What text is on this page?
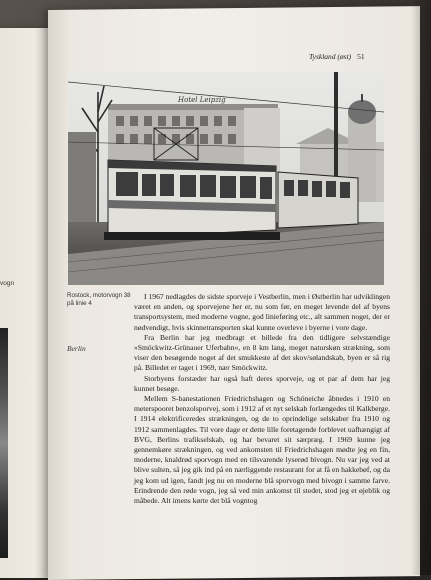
vogn
Tyskland (øst) 51
Hotel Leipzig
Rostock, motorvogn 38 på linie 4
Berlin

I 1967 nedlagdes de sidste sporveje i Vestberlin, men i Østberlin har udviklingen været en anden, og sporvejene her er, nu som før, en meget levende del af byens transportsystem, med moderne vogne, god linieføring etc., alt sammen noget, der er nødvendigt, hvis skinnetransporten skal kunne overleve i byerne i vore dage.

Fra Berlin har jeg medbragt et billede fra den tidligere selvstændige »Smöckwitz-Grünauer Uferbahn«, en 8 km lang, meget naturskøn strækning, som viser den besøgende noget af det smukkeste af det skov/sølandskab, byen er så rig på. Billedet er taget i 1969, nær Smöckwitz.

Storbyens forstæder har også haft deres sporveje, og et par af dem har jeg kunnet besøge.

Mellem S-banestationen Friedrichshagen og Schöneiche åbnedes i 1910 en meterspooret benzolsporvej, som i 1912 af et nyt selskab forlængedes til Kalkberge. I 1914 elektrificeredes strækningen, og de to oprindelige selskaber fra 1910 og 1912 sammenlagdes. Til vore dage er dette lille foretagende forblevet uafhængigt af BVG, Berlins trafikselskab, og har bevaret sit særpræg. I 1969 kunne jeg gennemkøre strækningen, og ved ankomsten til Friedrichshagen mødte jeg en fin, moderne, knaldrød sporvogn med en tilsvarende lyserød bivogn. Nu var jeg ved at blive sulten, så jeg gik ind på en nærliggende restaurant for at få en hakkebøf, og da jeg kom ud igen, fandt jeg nu en moderne blå sporvogn med bivogn i samme farve. Erindrende den røde vogn, jeg så ved min ankomst til stedet, stod jeg et øjeblik og måbede. Alt imens kørte det blå vogntog
